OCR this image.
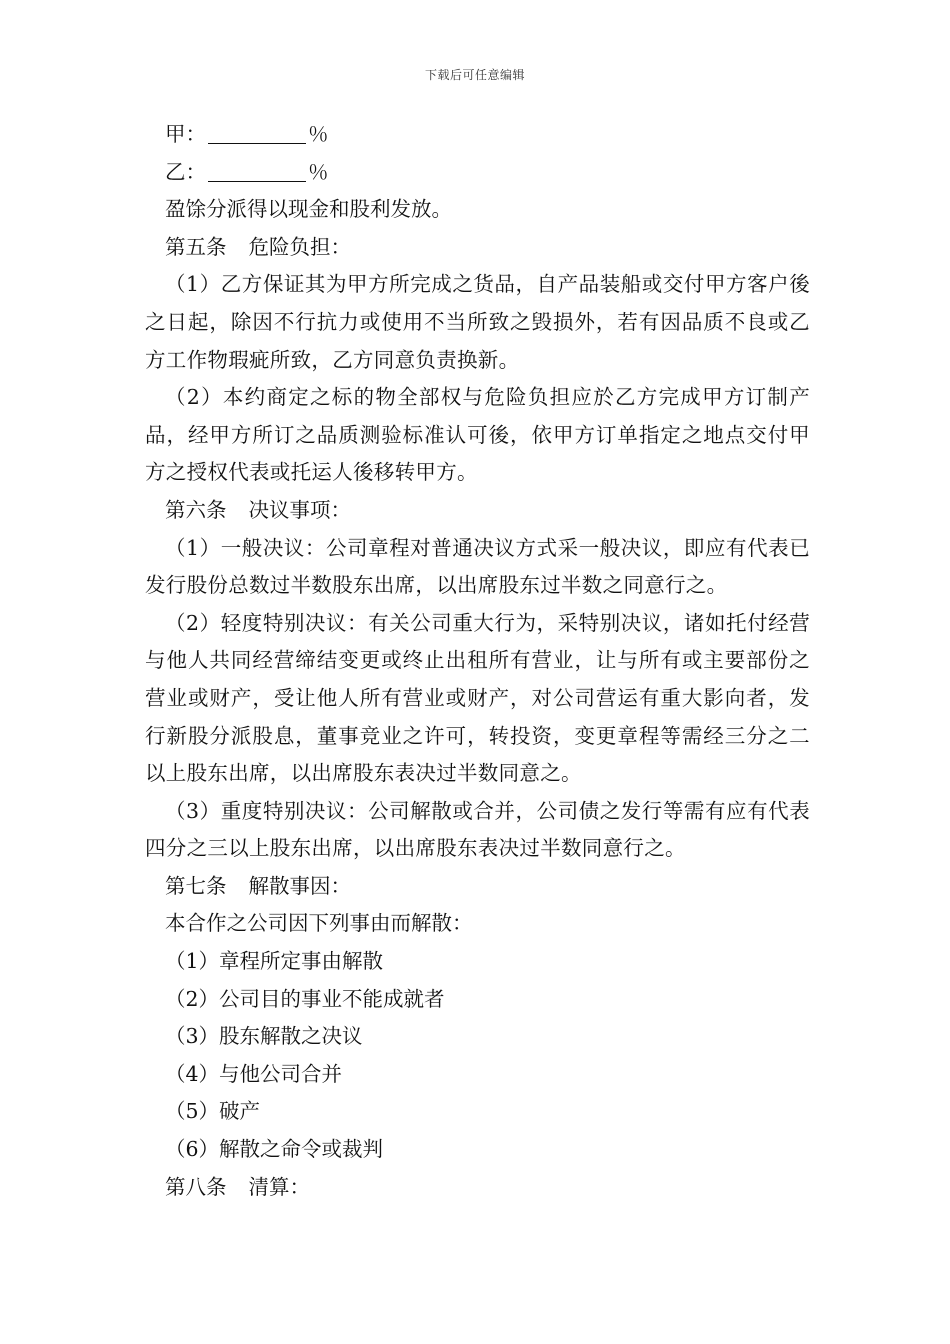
下载后可任意编辑
甲：	％
乙：	％
盈馀分派得以现金和股利发放。
第五条 危险负担：
（1）乙方保证其为甲方所完成之货品，自产品装船或交付甲方客户後之日起，除因不行抗力或使用不当所致之毁损外，若有因品质不良或乙方工作物瑕疵所致，乙方同意负责换新。
（2）本约商定之标的物全部权与危险负担应於乙方完成甲方订制产品，经甲方所订之品质测验标准认可後，依甲方订单指定之地点交付甲方之授权代表或托运人後移转甲方。
第六条 决议事项：
（1）一般决议：公司章程对普通决议方式采一般决议，即应有代表已发行股份总数过半数股东出席，以出席股东过半数之同意行之。
（2）轻度特别决议：有关公司重大行为，采特别决议，诸如托付经营与他人共同经营缔结变更或终止出租所有营业，让与所有或主要部份之营业或财产，受让他人所有营业或财产，对公司营运有重大影向者，发行新股分派股息，董事竞业之许可，转投资，变更章程等需经三分之二以上股东出席，以出席股东表决过半数同意之。
（3）重度特别决议：公司解散或合并，公司债之发行等需有应有代表四分之三以上股东出席，以出席股东表决过半数同意行之。
第七条 解散事因：
本合作之公司因下列事由而解散：
（1）章程所定事由解散
（2）公司目的事业不能成就者
（3）股东解散之决议
（4）与他公司合并
（5）破产
（6）解散之命令或裁判
第八条 清算：
